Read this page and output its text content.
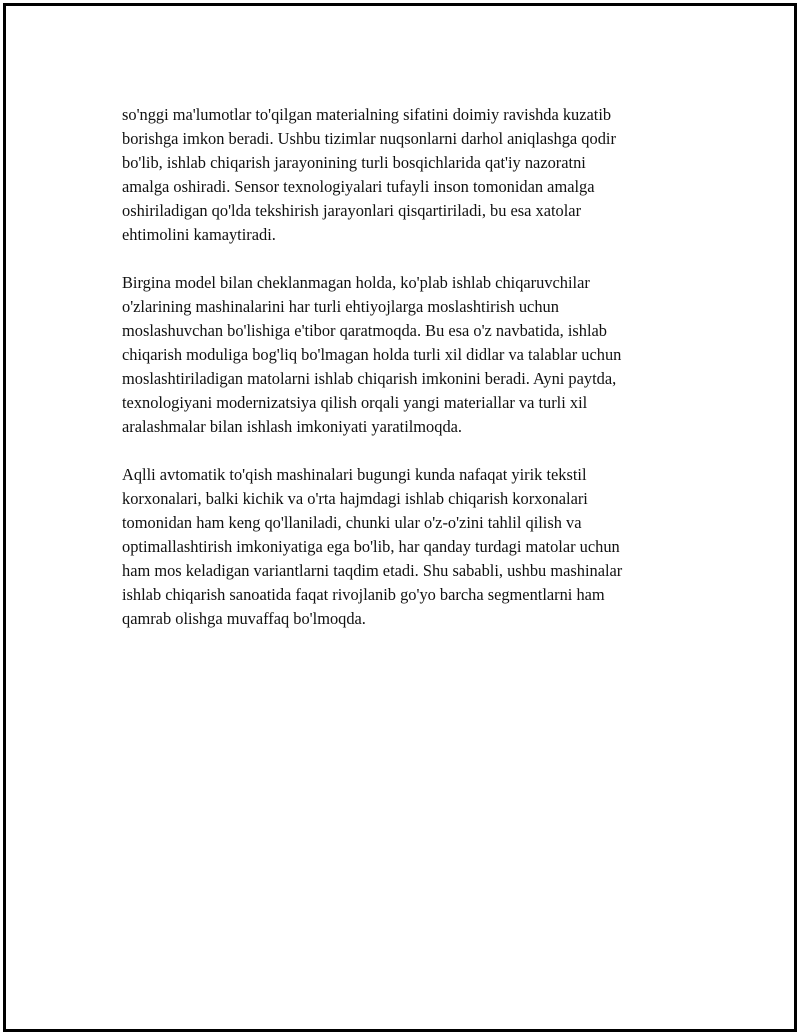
so'nggi ma'lumotlar to'qilgan materialning sifatini doimiy ravishda kuzatib
borishga imkon beradi. Ushbu tizimlar nuqsonlarni darhol aniqlashga qodir
bo'lib, ishlab chiqarish jarayonining turli bosqichlarida qat'iy nazoratni
amalga oshiradi. Sensor texnologiyalari tufayli inson tomonidan amalga
oshiriladigan qo'lda tekshirish jarayonlari qisqartiriladi, bu esa xatolar
ehtimolini kamaytiradi.

Birgina model bilan cheklanmagan holda, ko'plab ishlab chiqaruvchilar
o'zlarining mashinalarini har turli ehtiyojlarga moslashtirish uchun
moslashuvchan bo'lishiga e'tibor qaratmoqda. Bu esa o'z navbatida, ishlab
chiqarish moduliga bog'liq bo'lmagan holda turli xil didlar va talablar uchun
moslashtiriladigan matolarni ishlab chiqarish imkonini beradi. Ayni paytda,
texnologiyani modernizatsiya qilish orqali yangi materiallar va turli xil
aralashmalar bilan ishlash imkoniyati yaratilmoqda.

Aqlli avtomatik to'qish mashinalari bugungi kunda nafaqat yirik tekstil
korxonalari, balki kichik va o'rta hajmdagi ishlab chiqarish korxonalari
tomonidan ham keng qo'llaniladi, chunki ular o'z-o'zini tahlil qilish va
optimallashtirish imkoniyatiga ega bo'lib, har qanday turdagi matolar uchun
ham mos keladigan variantlarni taqdim etadi. Shu sababli, ushbu mashinalar
ishlab chiqarish sanoatida faqat rivojlanib go'yo barcha segmentlarni ham
qamrab olishga muvaffaq bo'lmoqda.
